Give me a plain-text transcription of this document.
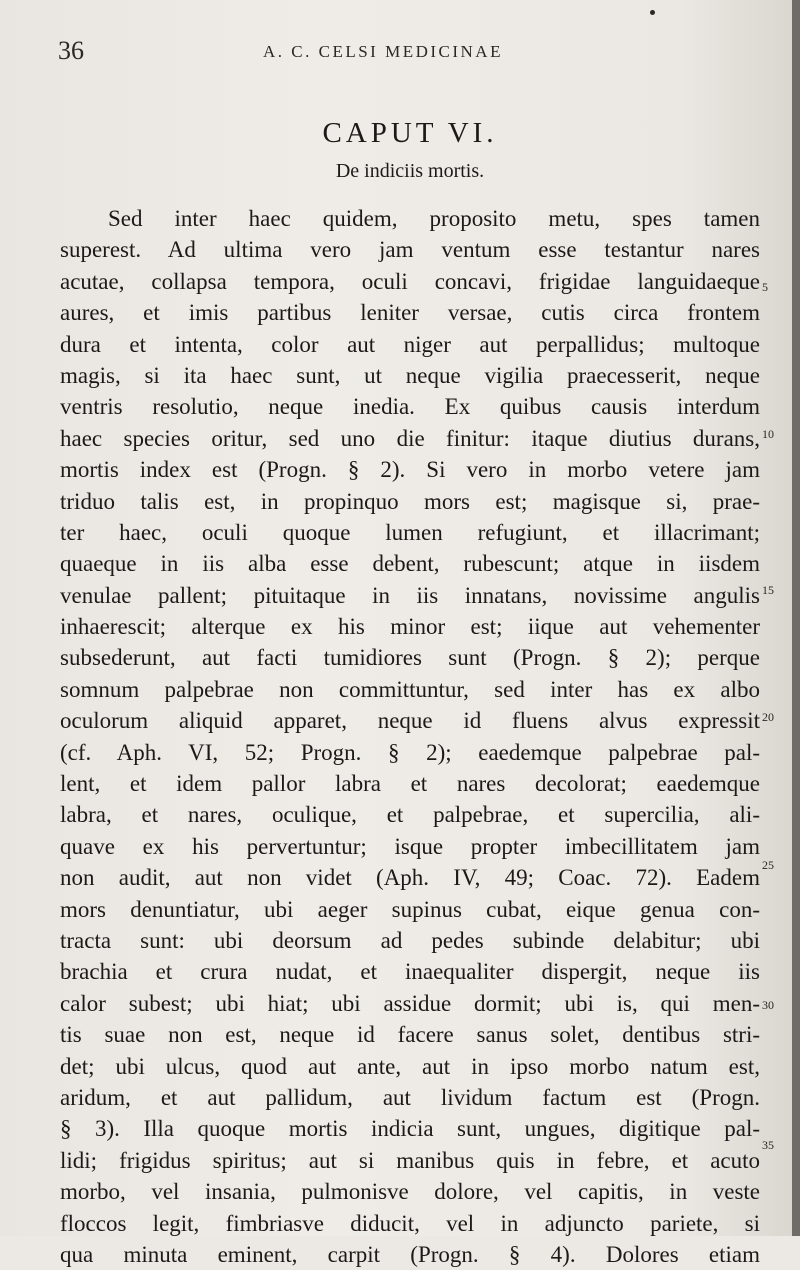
36	A. C. CELSI MEDICINAE
CAPUT VI.
De indiciis mortis.
Sed inter haec quidem, proposito metu, spes tamen
superest. Ad ultima vero jam ventum esse testantur nares
acutae, collapsa tempora, oculi concavi, frigidae languidaeque
aures, et imis partibus leniter versae, cutis circa frontem
dura et intenta, color aut niger aut perpallidus; multoque
magis, si ita haec sunt, ut neque vigilia praecesserit, neque
ventris resolutio, neque inedia. Ex quibus causis interdum
haec species oritur, sed uno die finitur: itaque diutius durans,
mortis index est (Progn. § 2). Si vero in morbo vetere jam
triduo talis est, in propinquo mors est; magisque si, prae-
ter haec, oculi quoque lumen refugiunt, et illacrimant;
quaeque in iis alba esse debent, rubescunt; atque in iisdem
venulae pallent; pituitaque in iis innatans, novissime angulis
inhaerescit; alterque ex his minor est; iique aut vehementer
subsederunt, aut facti tumidiores sunt (Progn. § 2); perque
somnum palpebrae non committuntur, sed inter has ex albo
oculorum aliquid apparet, neque id fluens alvus expressit
(cf. Aph. VI, 52; Progn. § 2); eaedemque palpebrae pal-
lent, et idem pallor labra et nares decolorat; eaedemque
labra, et nares, oculique, et palpebrae, et supercilia, ali-
quave ex his pervertuntur; isque propter imbecillitatem jam
non audit, aut non videt (Aph. IV, 49; Coac. 72). Eadem
mors denuntiatur, ubi aeger supinus cubat, eique genua con-
tracta sunt: ubi deorsum ad pedes subinde delabitur; ubi
brachia et crura nudat, et inaequaliter dispergit, neque iis
calor subest; ubi hiat; ubi assidue dormit; ubi is, qui men-
tis suae non est, neque id facere sanus solet, dentibus stri-
det; ubi ulcus, quod aut ante, aut in ipso morbo natum est,
aridum, et aut pallidum, aut lividum factum est (Progn.
§ 3). Illa quoque mortis indicia sunt, ungues, digitique pal-
lidi; frigidus spiritus; aut si manibus quis in febre, et acuto
morbo, vel insania, pulmonisve dolore, vel capitis, in veste
floccos legit, fimbriasve diducit, vel in adjuncto pariete, si
qua minuta eminent, carpit (Progn. § 4). Dolores etiam
5
10
15
20
25
30
35
